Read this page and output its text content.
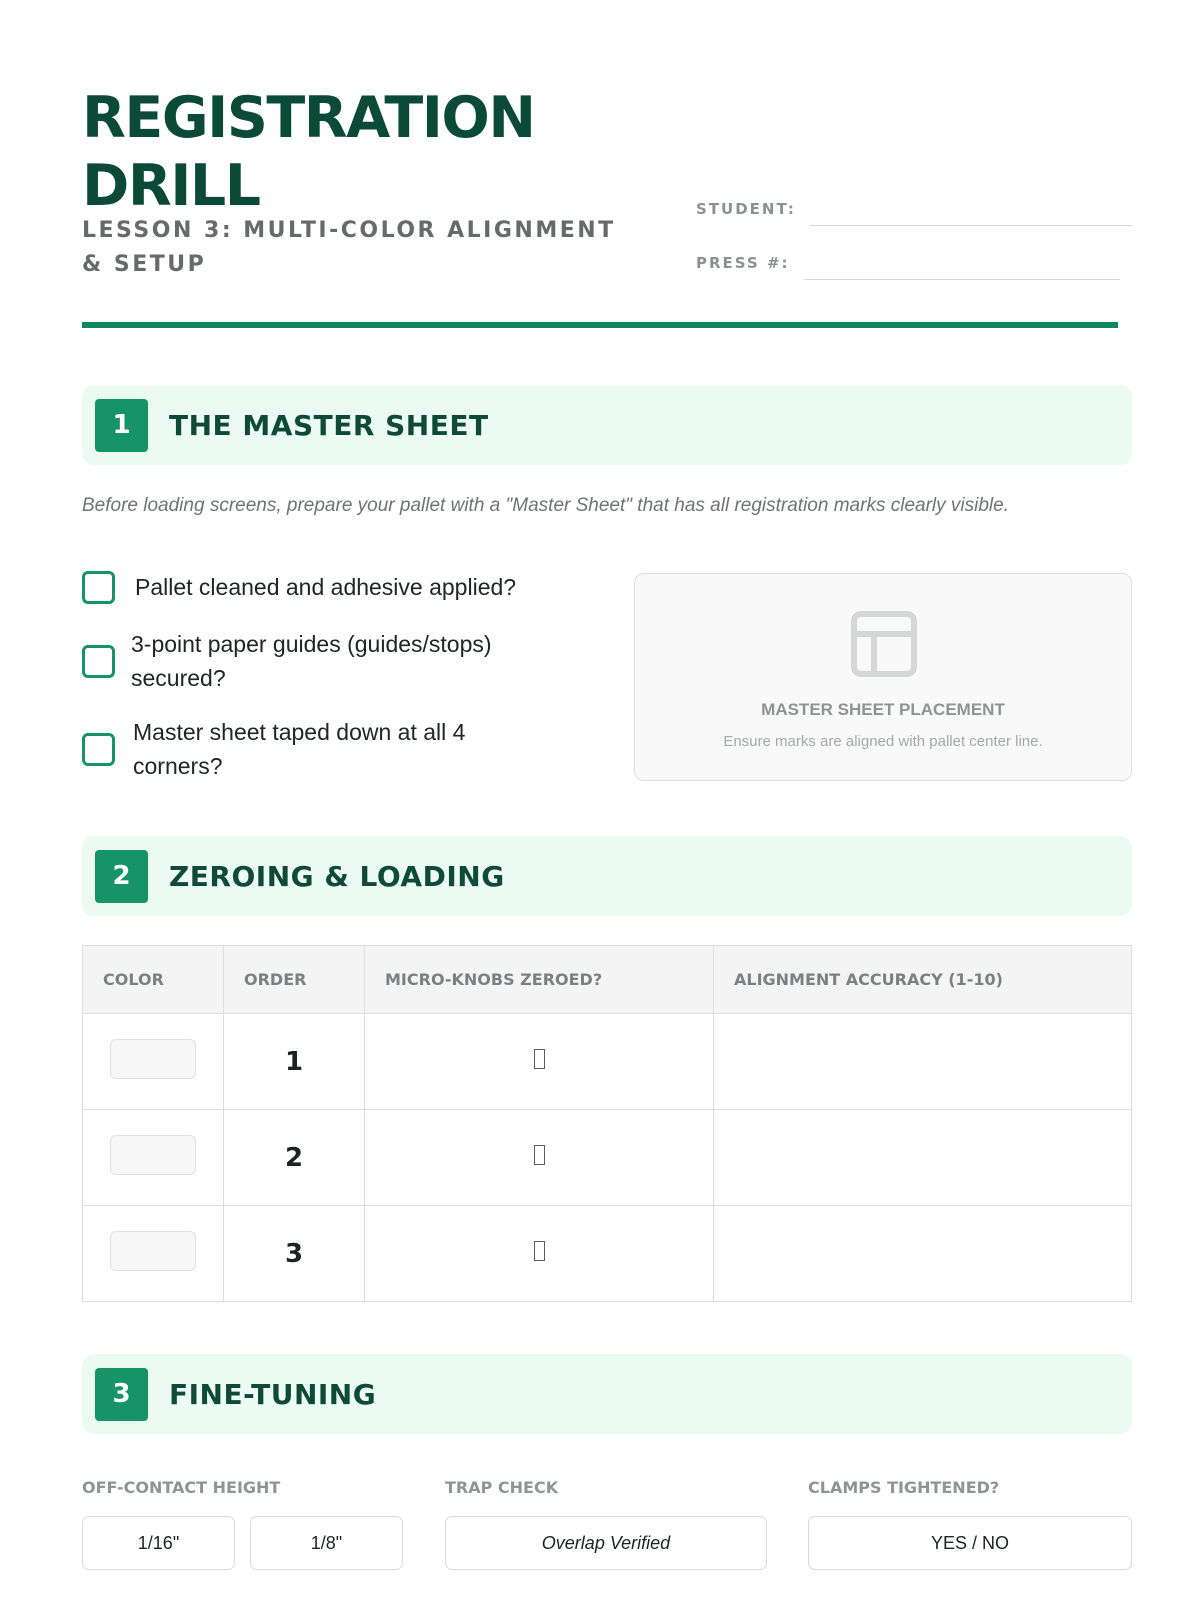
REGISTRATION DRILL
LESSON 3: MULTI-COLOR ALIGNMENT & SETUP
STUDENT:
PRESS #:
1	THE MASTER SHEET

Before loading screens, prepare your pallet with a "Master Sheet" that has all registration marks clearly visible.

Pallet cleaned and adhesive applied?
3-point paper guides (guides/stops) secured?
Master sheet taped down at all 4 corners?
MASTER SHEET PLACEMENT
Ensure marks are aligned with pallet center line.
2	ZEROING & LOADING
COLOR	ORDER	MICRO-KNOBS ZEROED?	ALIGNMENT ACCURACY (1-10)
	1		
	2		
	3		
3	FINE-TUNING
OFF-CONTACT HEIGHT	TRAP CHECK	CLAMPS TIGHTENED?
1/16"	1/8"	Overlap Verified	YES / NO
